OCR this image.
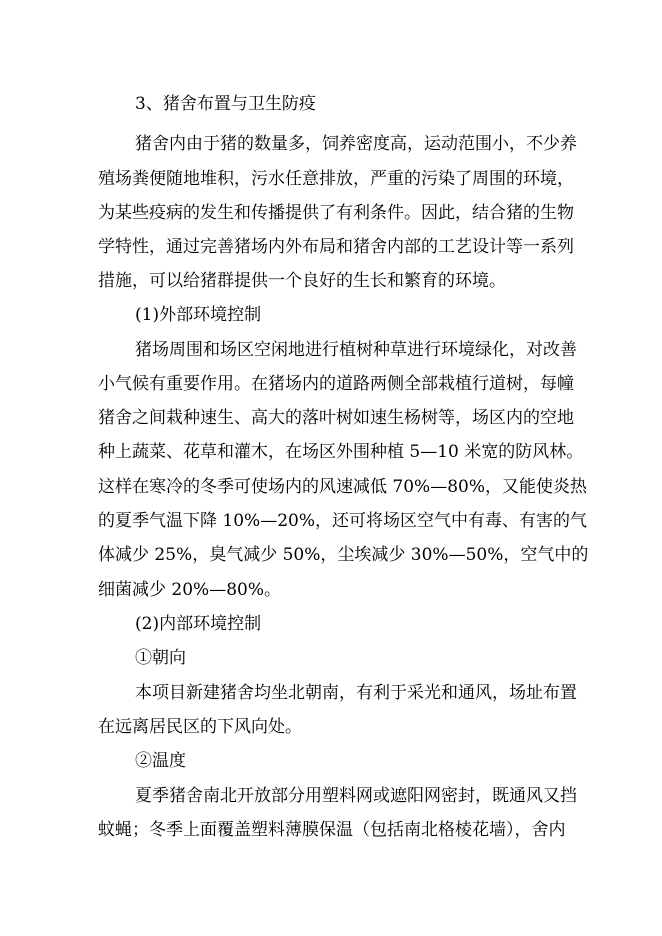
3、猪舍布置与卫生防疫
猪舍内由于猪的数量多，饲养密度高，运动范围小，不少养
殖场粪便随地堆积，污水任意排放，严重的污染了周围的环境，
为某些疫病的发生和传播提供了有利条件。因此，结合猪的生物
学特性，通过完善猪场内外布局和猪舍内部的工艺设计等一系列
措施，可以给猪群提供一个良好的生长和繁育的环境。
(1)外部环境控制
猪场周围和场区空闲地进行植树种草进行环境绿化，对改善
小气候有重要作用。在猪场内的道路两侧全部栽植行道树，每幢
猪舍之间栽种速生、高大的落叶树如速生杨树等，场区内的空地
种上蔬菜、花草和灌木，在场区外围种植 5—10 米宽的防风林。
这样在寒冷的冬季可使场内的风速减低 70%—80%，又能使炎热
的夏季气温下降 10%—20%，还可将场区空气中有毒、有害的气
体减少 25%，臭气减少 50%，尘埃减少 30%—50%，空气中的
细菌减少 20%—80%。
(2)内部环境控制
①朝向
本项目新建猪舍均坐北朝南，有利于采光和通风，场址布置
在远离居民区的下风向处。
②温度
夏季猪舍南北开放部分用塑料网或遮阳网密封，既通风又挡
蚊蝇；冬季上面覆盖塑料薄膜保温（包括南北格棱花墙），舍内
